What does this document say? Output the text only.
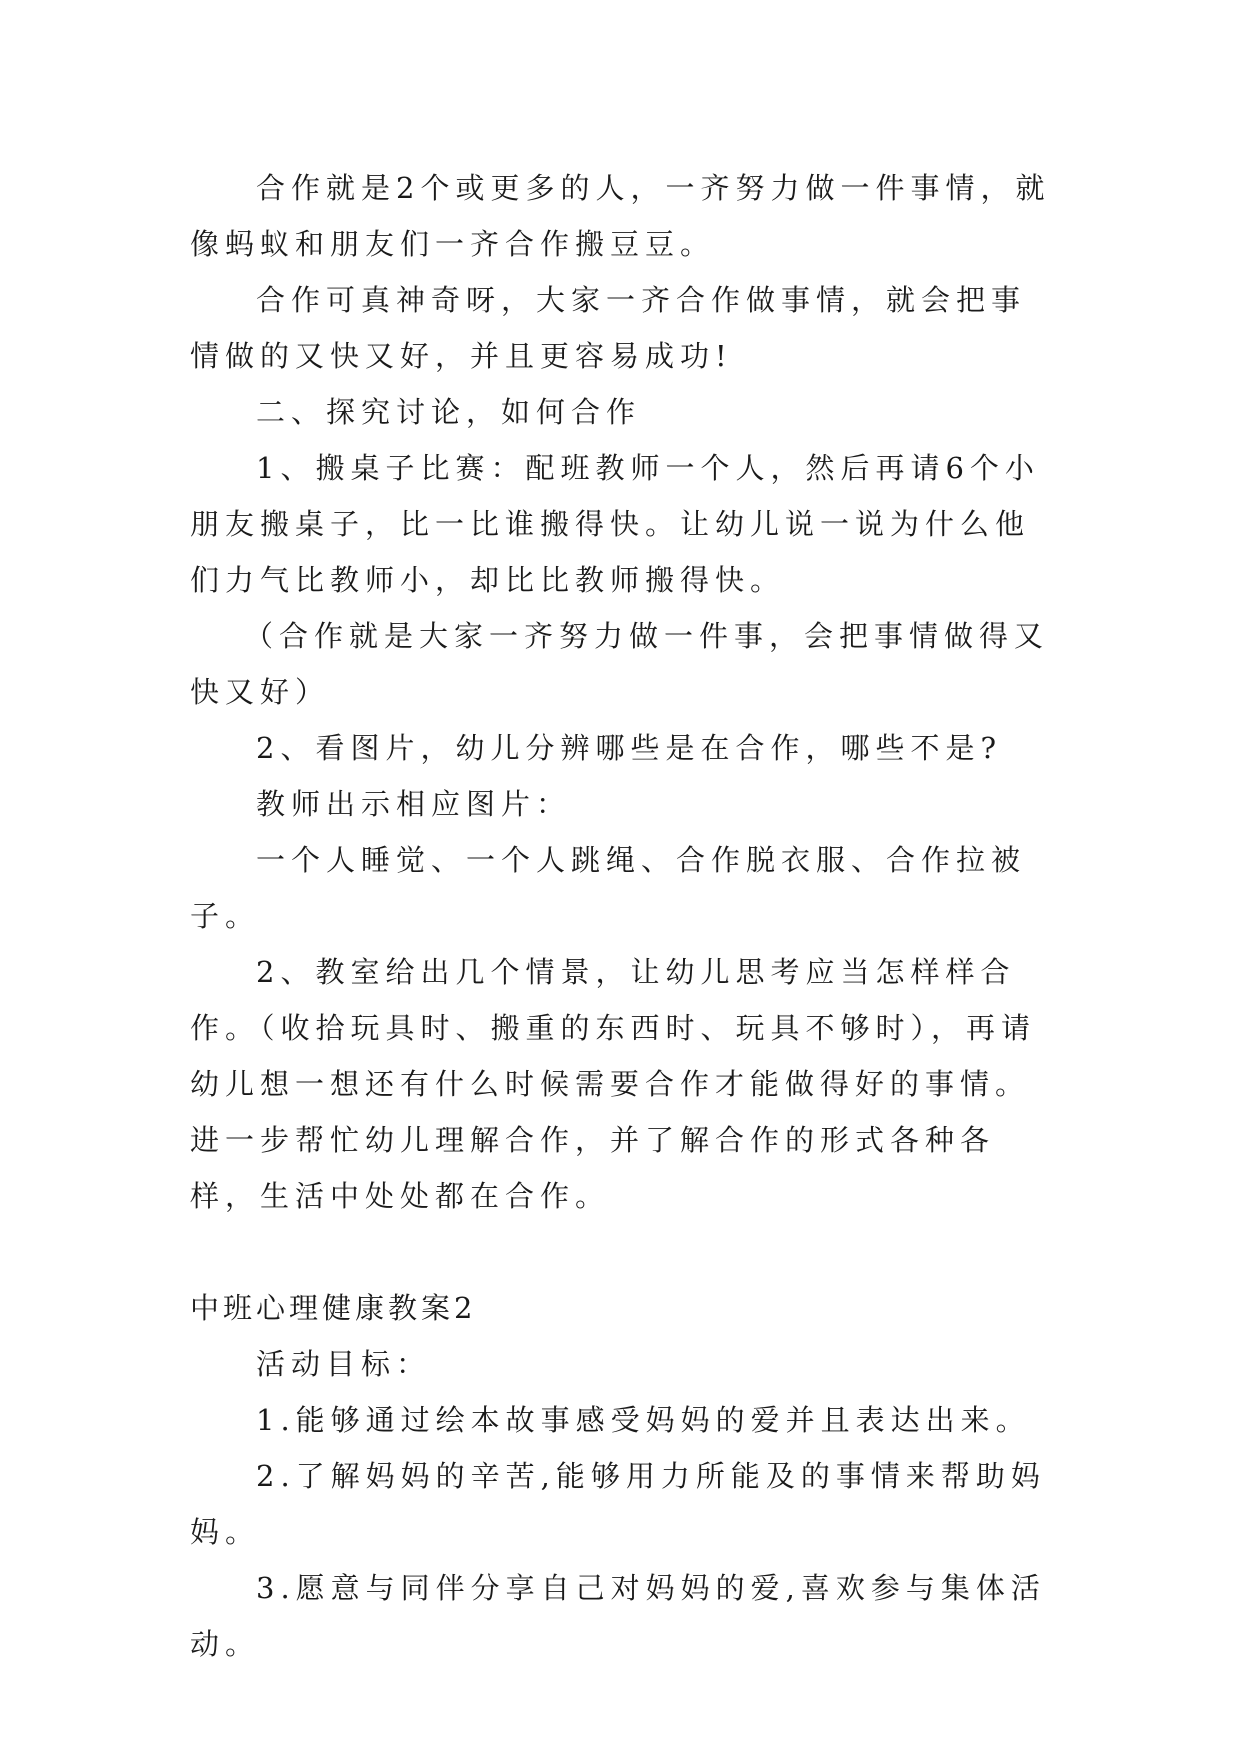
合作就是2个或更多的人，一齐努力做一件事情，就像蚂蚁和朋友们一齐合作搬豆豆。

合作可真神奇呀，大家一齐合作做事情，就会把事情做的又快又好，并且更容易成功!

二、探究讨论，如何合作

1、搬桌子比赛：配班教师一个人，然后再请6个小朋友搬桌子，比一比谁搬得快。让幼儿说一说为什么他们力气比教师小，却比比教师搬得快。

（合作就是大家一齐努力做一件事，会把事情做得又快又好）

2、看图片，幼儿分辨哪些是在合作，哪些不是?

教师出示相应图片：

一个人睡觉、一个人跳绳、合作脱衣服、合作拉被子。

2、教室给出几个情景，让幼儿思考应当怎样样合作。（收拾玩具时、搬重的东西时、玩具不够时），再请幼儿想一想还有什么时候需要合作才能做得好的事情。进一步帮忙幼儿理解合作，并了解合作的形式各种各样，生活中处处都在合作。

中班心理健康教案2

活动目标：

1.能够通过绘本故事感受妈妈的爱并且表达出来。

2.了解妈妈的辛苦,能够用力所能及的事情来帮助妈妈。

3.愿意与同伴分享自己对妈妈的爱,喜欢参与集体活动。
